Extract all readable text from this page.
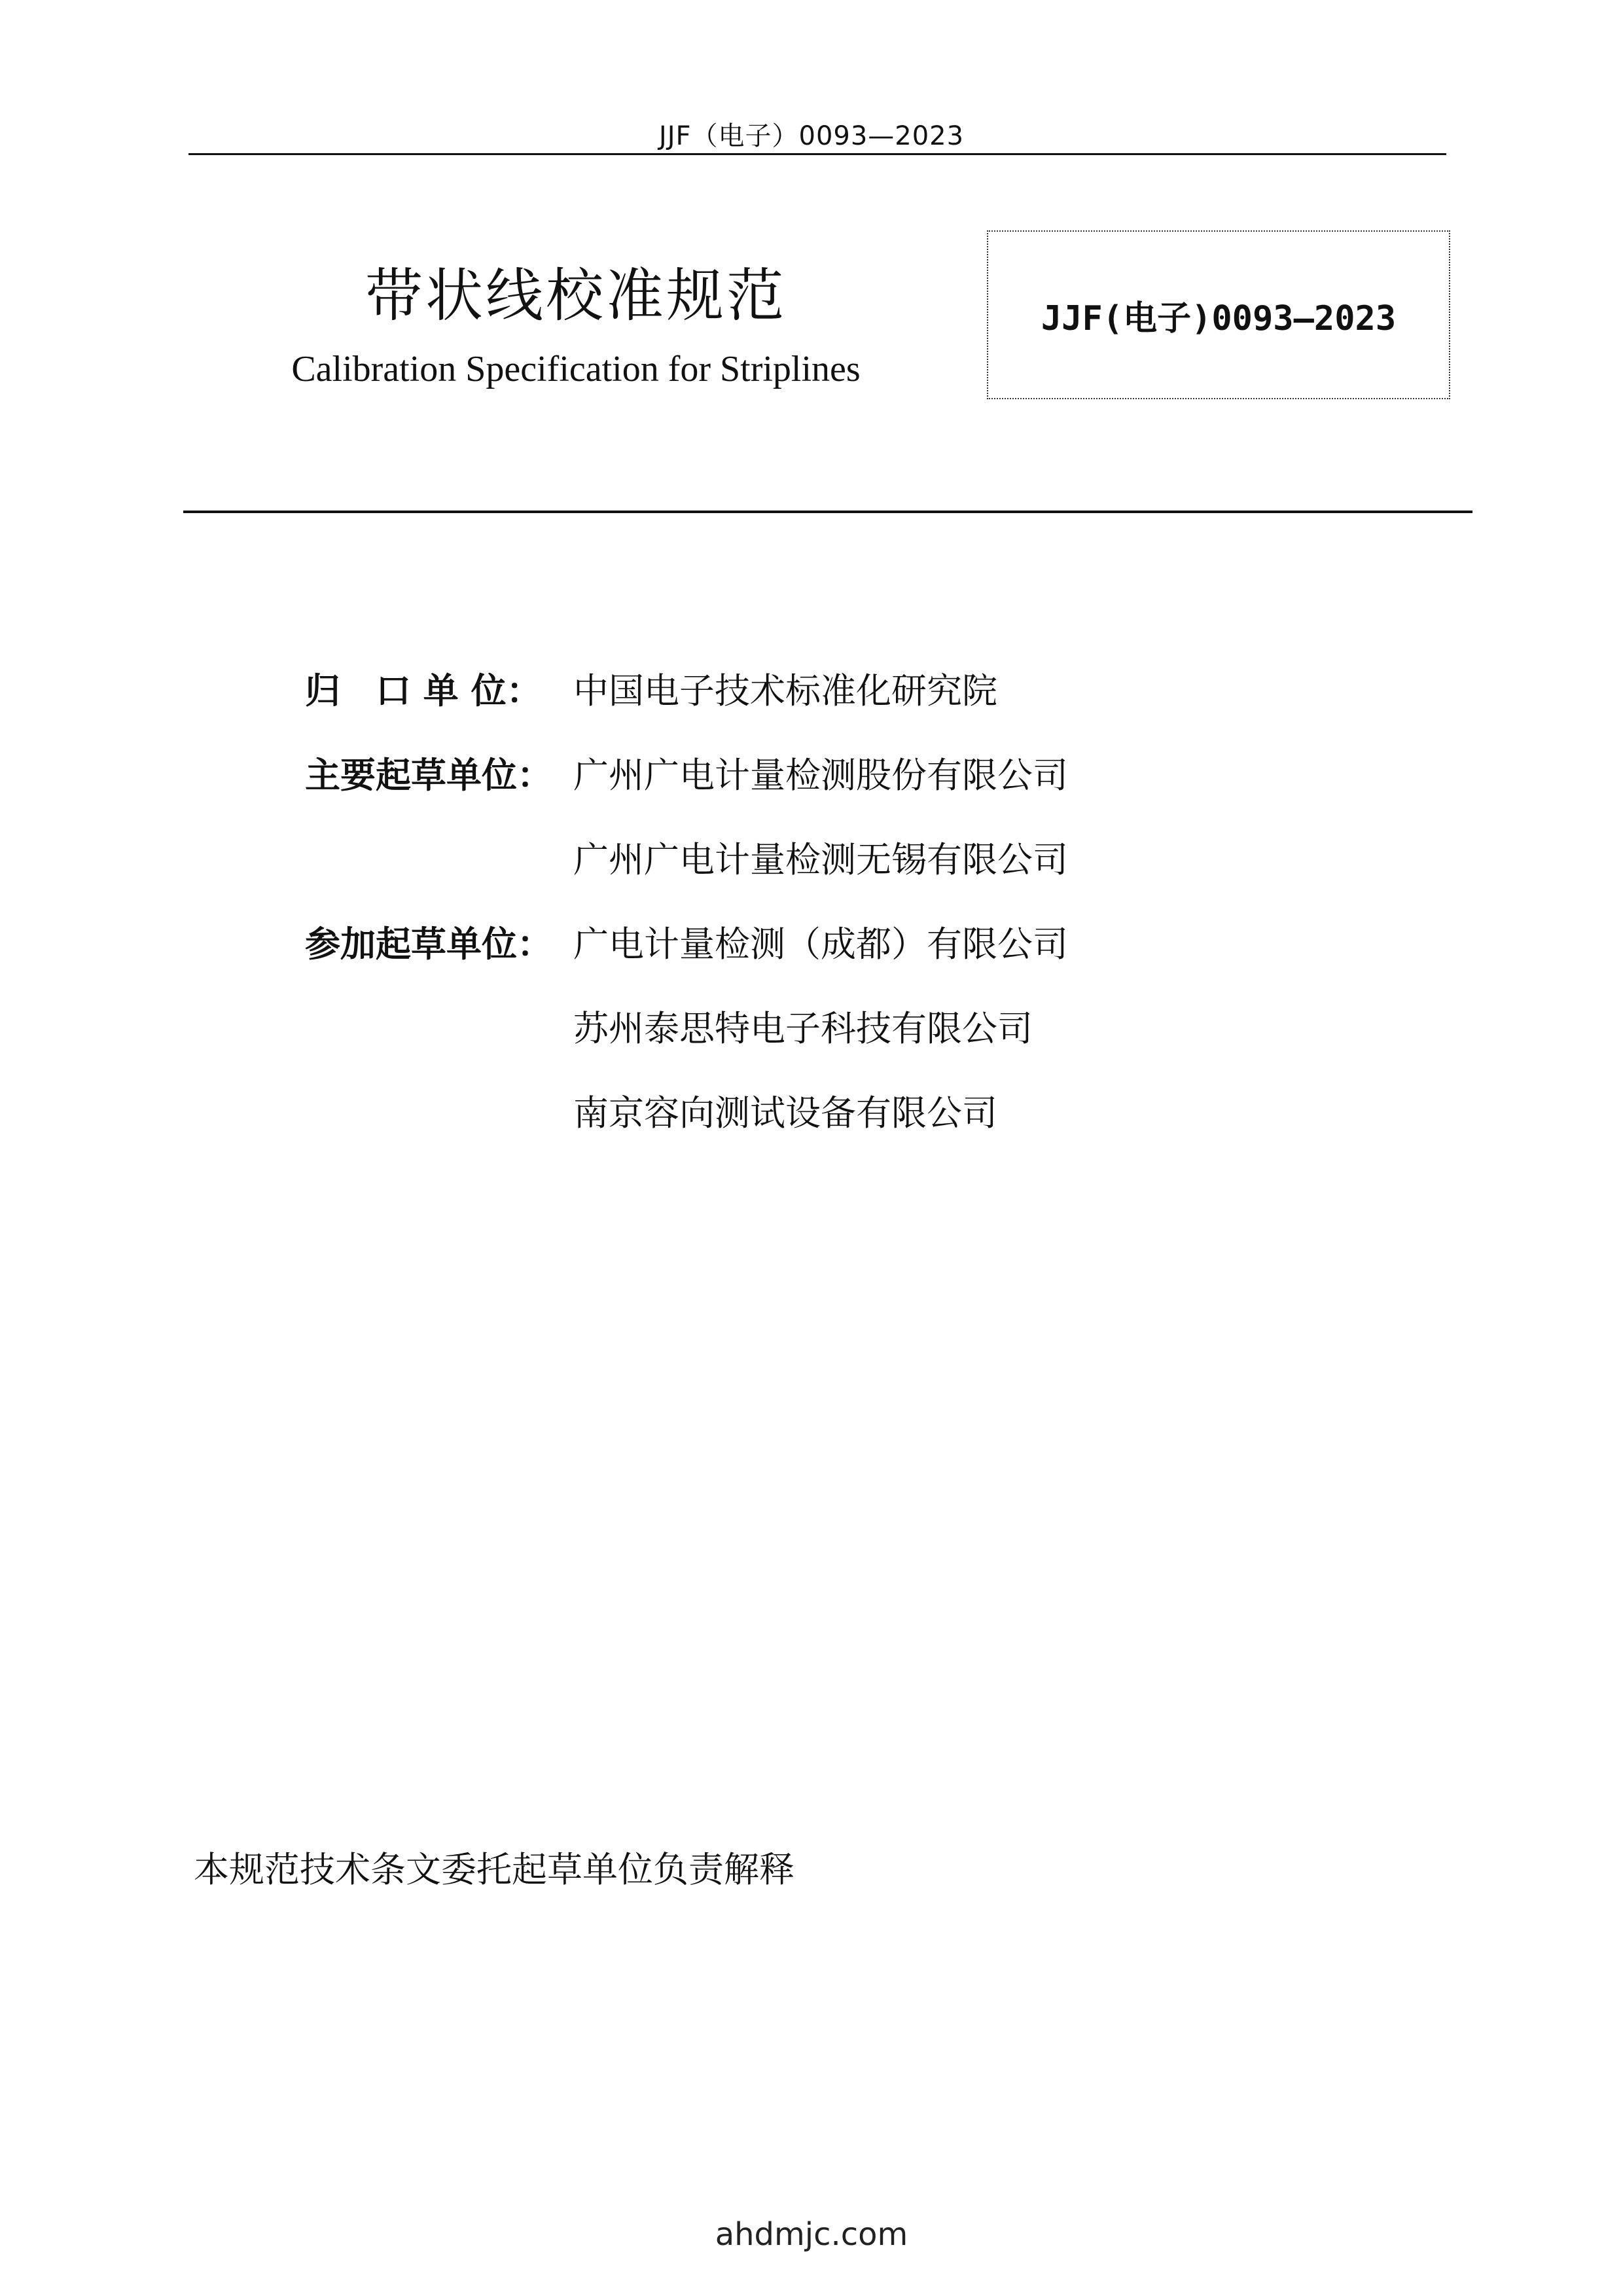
JJF（电子）0093—2023
带状线校准规范
Calibration Specification for Striplines
JJF(电子)0093—2023
归　口 单 位： 中国电子技术标准化研究院
主要起草单位： 广州广电计量检测股份有限公司
广州广电计量检测无锡有限公司
参加起草单位： 广电计量检测（成都）有限公司
苏州泰思特电子科技有限公司
南京容向测试设备有限公司
本规范技术条文委托起草单位负责解释
ahdmjc.com
